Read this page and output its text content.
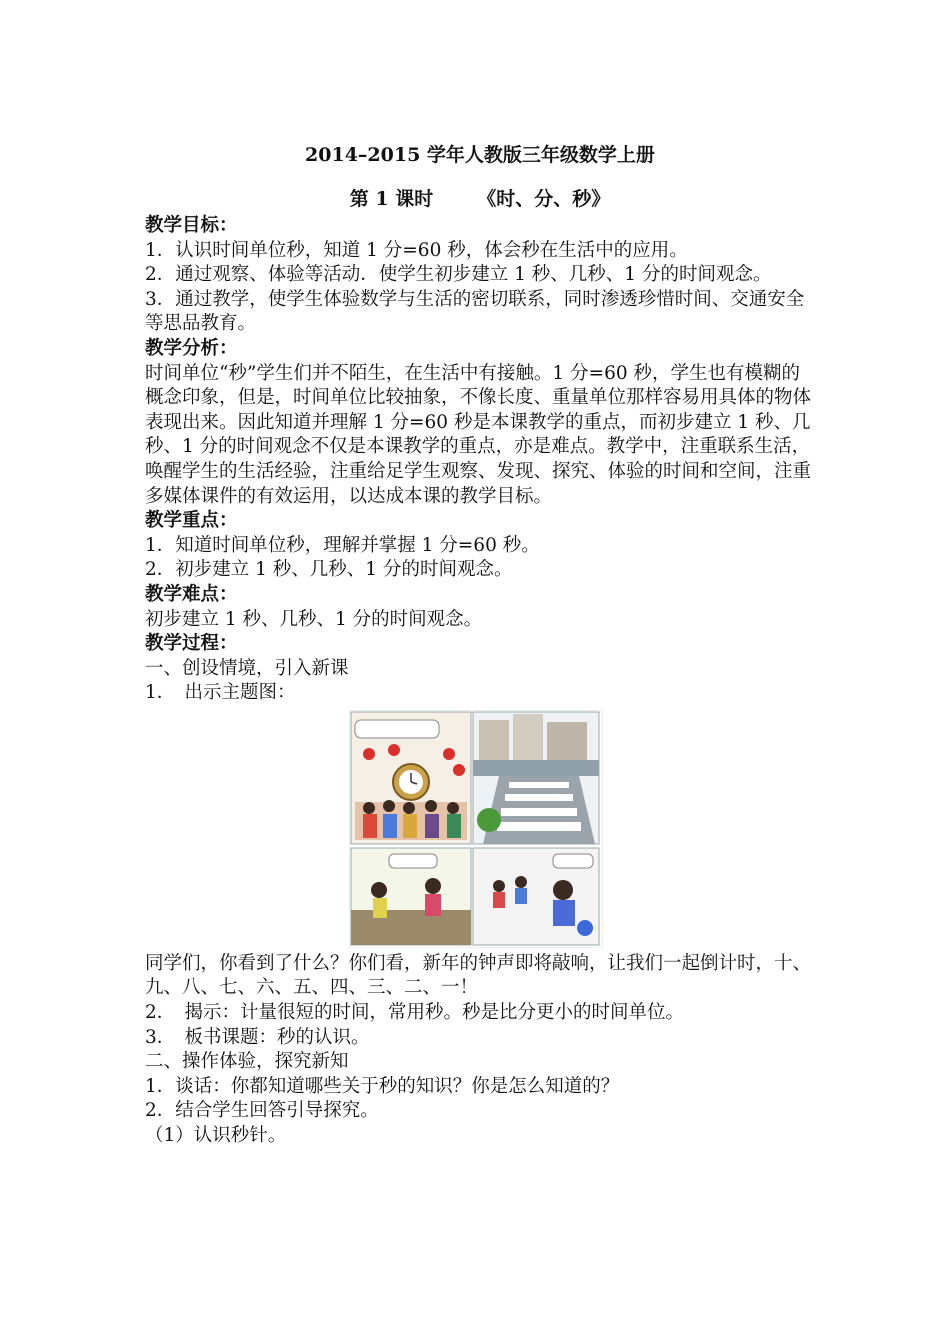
2014–2015 学年人教版三年级数学上册
第 1 课时 《时、分、秒》

教学目标：

1．认识时间单位秒，知道 1 分=60 秒，体会秒在生活中的应用。

2．通过观察、体验等活动．使学生初步建立 1 秒、几秒、1 分的时间观念。

3．通过教学，使学生体验数学与生活的密切联系，同时渗透珍惜时间、交通安全等思品教育。

教学分析：

时间单位“秒”学生们并不陌生，在生活中有接触。1 分=60 秒，学生也有模糊的概念印象，但是，时间单位比较抽象，不像长度、重量单位那样容易用具体的物体表现出来。因此知道并理解 1 分=60 秒是本课教学的重点，而初步建立 1 秒、几秒、1 分的时间观念不仅是本课教学的重点，亦是难点。教学中，注重联系生活，唤醒学生的生活经验，注重给足学生观察、发现、探究、体验的时间和空间，注重多媒体课件的有效运用，以达成本课的教学目标。

教学重点：

1．知道时间单位秒，理解并掌握 1 分=60 秒。

2．初步建立 1 秒、几秒、1 分的时间观念。

教学难点：

初步建立 1 秒、几秒、1 分的时间观念。

教学过程：

一、创设情境，引入新课

1．　出示主题图：

同学们，你看到了什么？你们看，新年的钟声即将敲响，让我们一起倒计时，十、九、八、七、六、五、四、三、二、一！

2．　揭示：计量很短的时间，常用秒。秒是比分更小的时间单位。

3．　板书课题：秒的认识。

二、操作体验，探究新知

1．谈话：你都知道哪些关于秒的知识？你是怎么知道的？

2．结合学生回答引导探究。

（1）认识秒针。
